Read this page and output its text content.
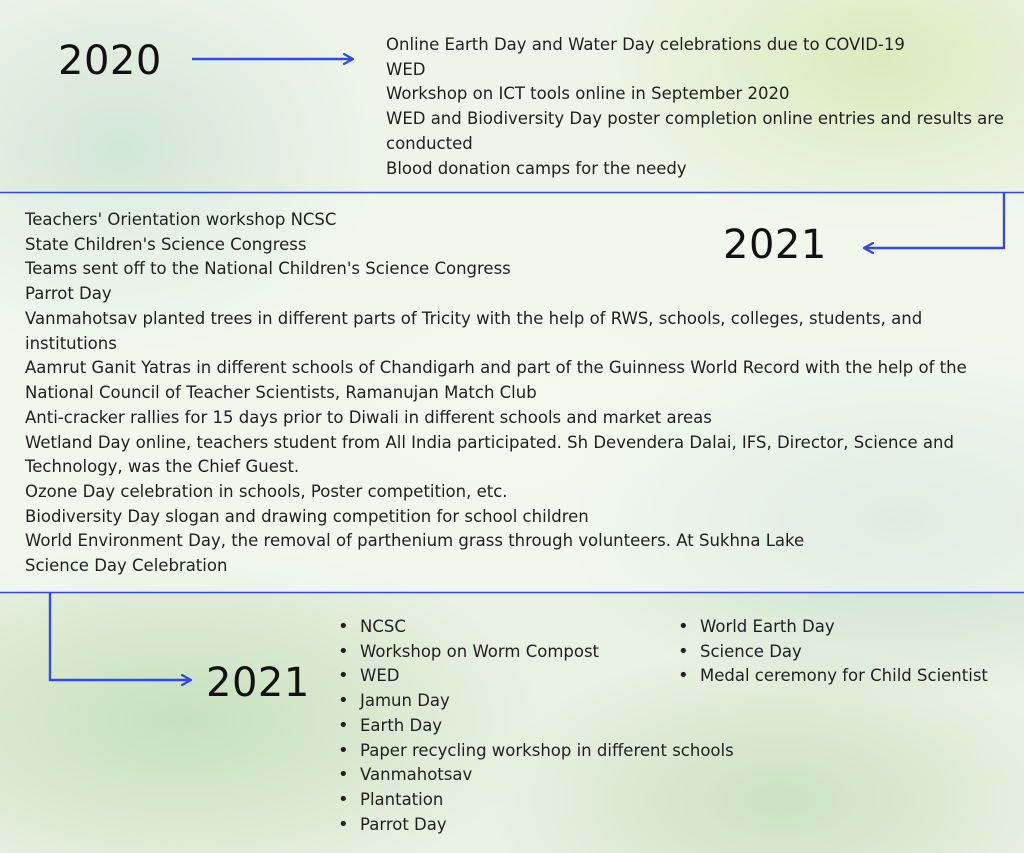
2020	Online Earth Day and Water Day celebrations due to COVID-19
WED
Workshop on ICT tools online in September 2020
WED and Biodiversity Day poster completion online entries and results are conducted
Blood donation camps for the needy
2021
Teachers' Orientation workshop NCSC
State Children's Science Congress
Teams sent off to the National Children's Science Congress
Parrot Day
Vanmahotsav planted trees in different parts of Tricity with the help of RWS, schools, colleges, students, and institutions
Aamrut Ganit Yatras in different schools of Chandigarh and part of the Guinness World Record with the help of the National Council of Teacher Scientists, Ramanujan Match Club
Anti-cracker rallies for 15 days prior to Diwali in different schools and market areas
Wetland Day online, teachers student from All India participated. Sh Devendera Dalai, IFS, Director, Science and Technology, was the Chief Guest.
Ozone Day celebration in schools, Poster competition, etc.
Biodiversity Day slogan and drawing competition for school children
World Environment Day, the removal of parthenium grass through volunteers. At Sukhna Lake
Science Day Celebration
2021
• NCSC
• Workshop on Worm Compost
• WED
• Jamun Day
• Earth Day
• Paper recycling workshop in different schools
• Vanmahotsav
• Plantation
• Parrot Day
• World Earth Day
• Science Day
• Medal ceremony for Child Scientist
